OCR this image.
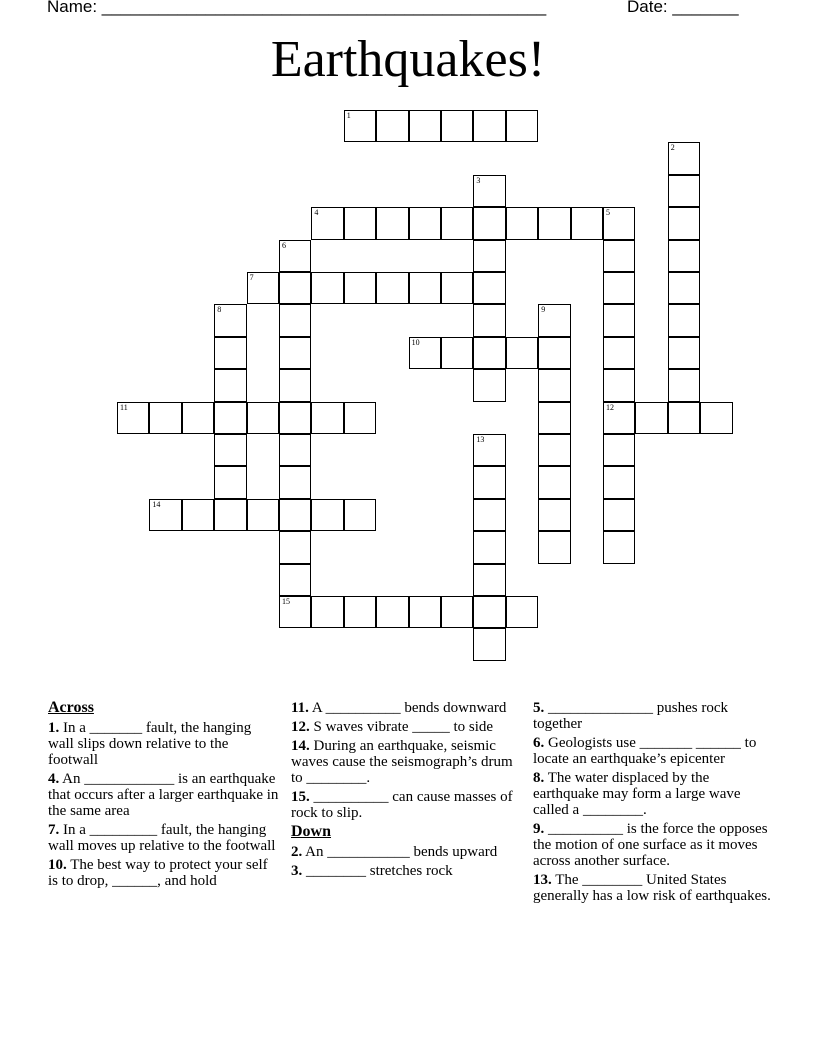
Name: _______________________________________________	Date: _______
Earthquakes!
1
2
3
4	5
12
6
15
7
8	9
10
11
13
14
Across
1. In a _______ fault, the hanging wall slips down relative to the footwall
4. An ____________ is an earthquake that occurs after a larger earthquake in the same area
7. In a _________ fault, the hanging wall moves up relative to the footwall
10. The best way to protect your self is to drop, ______, and hold
11. A __________ bends downward
12. S waves vibrate _____ to side
14. During an earthquake, seismic waves cause the seismograph’s drum to ________.
15. __________ can cause masses of rock to slip.
Down
2. An ___________ bends upward
3. ________ stretches rock
5. ______________ pushes rock together
6. Geologists use _______ ______ to locate an earthquake’s epicenter
8. The water displaced by the earthquake may form a large wave called a ________.
9. __________ is the force the opposes the motion of one surface as it moves across another surface.
13. The ________ United States generally has a low risk of earthquakes.
